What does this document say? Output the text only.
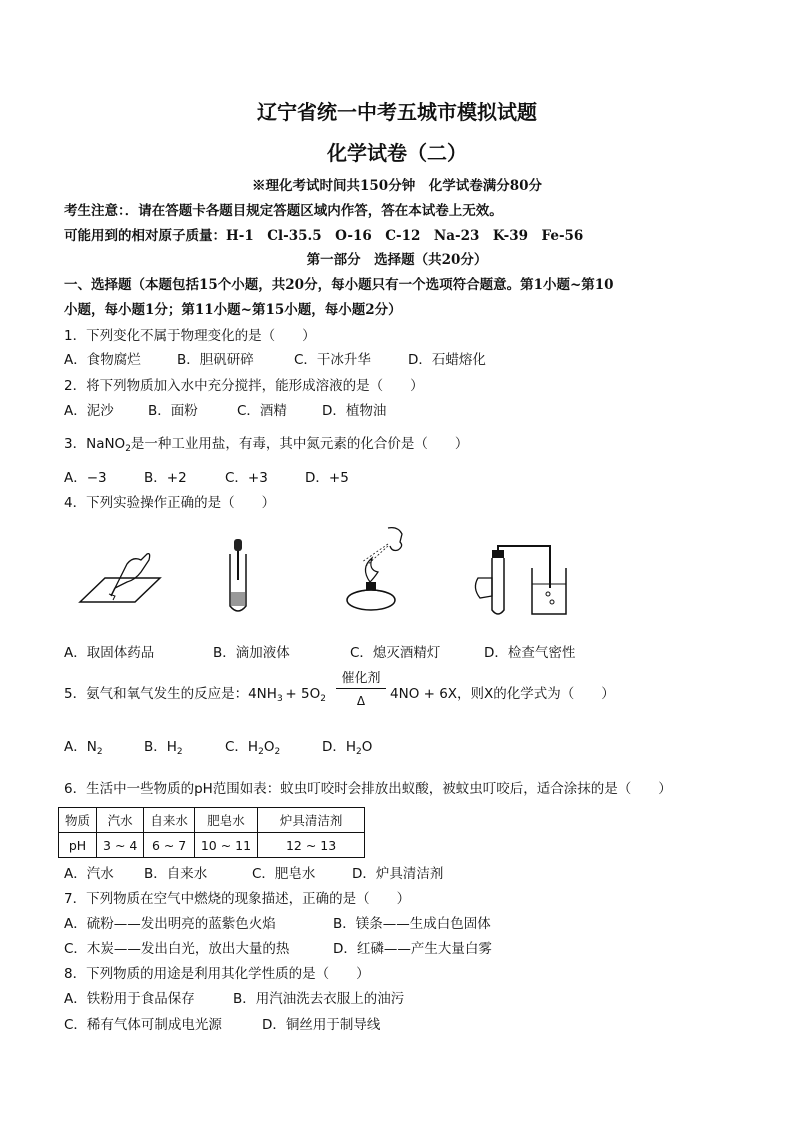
辽宁省统一中考五城市模拟试题
化学试卷（二）
※理化考试时间共150分钟　化学试卷满分80分
考生注意：．请在答题卡各题目规定答题区域内作答，答在本试卷上无效。
可能用到的相对原子质量：H-1　Cl-35.5　O-16　C-12　Na-23　K-39　Fe-56
第一部分　选择题（共20分）
一、选择题（本题包括15个小题，共20分，每小题只有一个选项符合题意。第1小题~第10
小题，每小题1分；第11小题~第15小题，每小题2分）
1．下列变化不属于物理变化的是（　　）
A．食物腐烂	B．胆矾研碎	C．干冰升华	D．石蜡熔化
2．将下列物质加入水中充分搅拌，能形成溶液的是（　　）
A．泥沙	B．面粉	C．酒精	D．植物油
3．NaNO$_2$是一种工业用盐，有毒，其中氮元素的化合价是（　　）
A．−3	B．+2	C．+3	D．+5
4．下列实验操作正确的是（　　）
A．取固体药品	B．滴加液体	C．熄灭酒精灯	D．检查气密性
5．氨气和氧气发生的反应是：$4NH_3 + 5O_2$
催化剂
Δ	4NO + 6X，则X的化学式为（　　）
A．$N_2$	B．$H_2$	C．$H_2O_2$	D．$H_2O$
6．生活中一些物质的pH范围如表：蚊虫叮咬时会排放出蚁酸，被蚊虫叮咬后，适合涂抹的是（　　）
物质	汽水	自来水	肥皂水	炉具清洁剂
pH	3 ~ 4	6 ~ 7	10 ~ 11	12 ~ 13
A．汽水 B．自来水	C．肥皂水	D．炉具清洁剂
7．下列物质在空气中燃烧的现象描述，正确的是（　　）
A．硫粉——发出明亮的蓝紫色火焰	B．镁条——生成白色固体
C．木炭——发出白光，放出大量的热	D．红磷——产生大量白雾
8．下列物质的用途是利用其化学性质的是（　　）
A．铁粉用于食品保存	B．用汽油洗去衣服上的油污
C．稀有气体可制成电光源	D．铜丝用于制导线
